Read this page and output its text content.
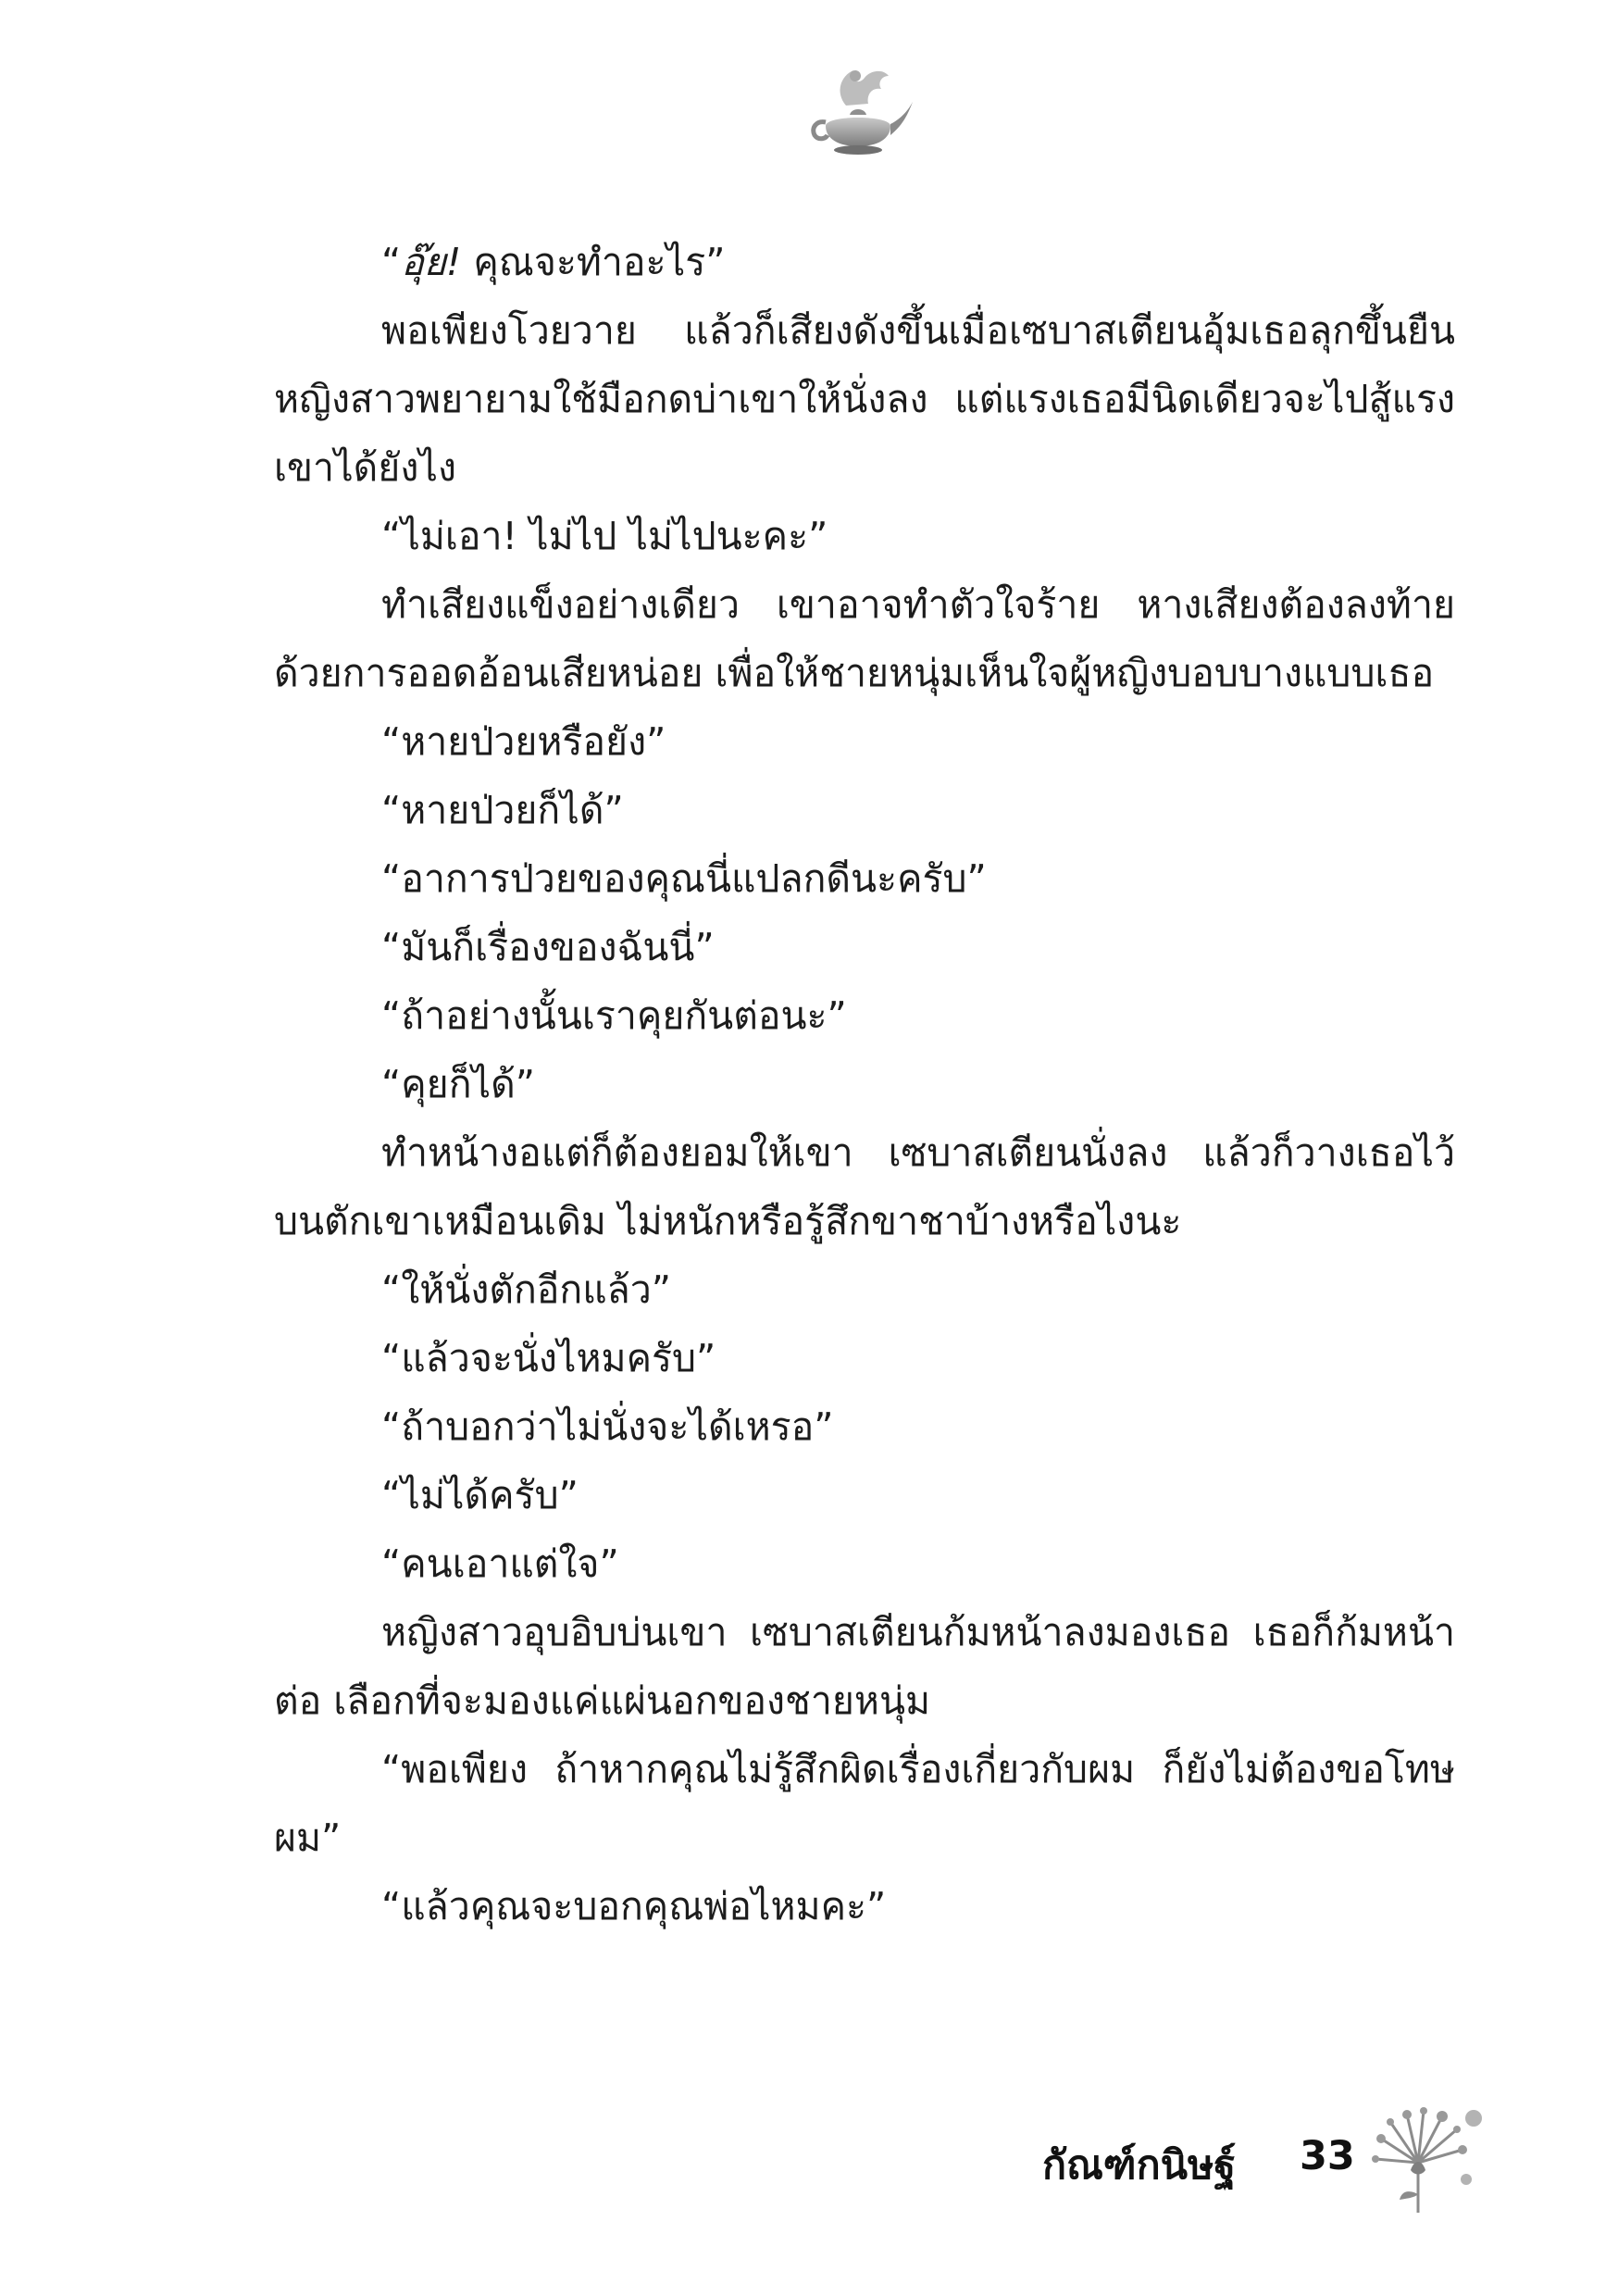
“อุ๊ย! คุณจะทำอะไร”

พอเพียงโวยวาย แล้วก็เสียงดังขึ้นเมื่อเซบาสเตียนอุ้มเธอลุกขึ้นยืน หญิงสาวพยายามใช้มือกดบ่าเขาให้นั่งลง แต่แรงเธอมีนิดเดียวจะไปสู้แรงเขาได้ยังไง

“ไม่เอา! ไม่ไป ไม่ไปนะคะ”

ทำเสียงแข็งอย่างเดียว เขาอาจทำตัวใจร้าย หางเสียงต้องลงท้ายด้วยการออดอ้อนเสียหน่อย เพื่อให้ชายหนุ่มเห็นใจผู้หญิงบอบบางแบบเธอ

“หายป่วยหรือยัง”

“หายป่วยก็ได้”

“อาการป่วยของคุณนี่แปลกดีนะครับ”

“มันก็เรื่องของฉันนี่”

“ถ้าอย่างนั้นเราคุยกันต่อนะ”

“คุยก็ได้”

ทำหน้างอแต่ก็ต้องยอมให้เขา เซบาสเตียนนั่งลง แล้วก็วางเธอไว้บนตักเขาเหมือนเดิม ไม่หนักหรือรู้สึกขาชาบ้างหรือไงนะ

“ให้นั่งตักอีกแล้ว”

“แล้วจะนั่งไหมครับ”

“ถ้าบอกว่าไม่นั่งจะได้เหรอ”

“ไม่ได้ครับ”

“คนเอาแต่ใจ”

หญิงสาวอุบอิบบ่นเขา เซบาสเตียนก้มหน้าลงมองเธอ เธอก็ก้มหน้าต่อ เลือกที่จะมองแค่แผ่นอกของชายหนุ่ม

“พอเพียง ถ้าหากคุณไม่รู้สึกผิดเรื่องเกี่ยวกับผม ก็ยังไม่ต้องขอโทษผม”

“แล้วคุณจะบอกคุณพ่อไหมคะ”

กัณฑ์กนิษฐ์ 33
